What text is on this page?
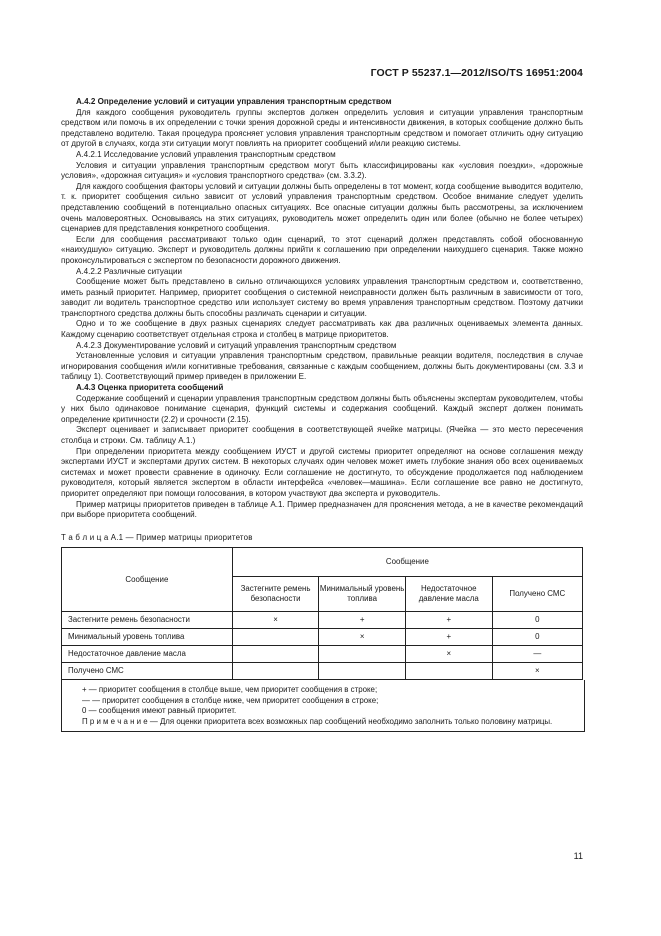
ГОСТ Р 55237.1—2012/ISO/TS 16951:2004

А.4.2 Определение условий и ситуации управления транспортным средством

Для каждого сообщения руководитель группы экспертов должен определить условия и ситуации управления транспортным средством или помочь в их определении с точки зрения дорожной среды и интенсивности движения, в которых сообщение должно быть представлено водителю. Такая процедура проясняет условия управления транспортным средством и помогает отличить одну ситуацию от другой в случаях, когда эти ситуации могут повлиять на приоритет сообщений и/или реакцию системы.

А.4.2.1 Исследование условий управления транспортным средством

Условия и ситуации управления транспортным средством могут быть классифицированы как «условия поездки», «дорожные условия», «дорожная ситуация» и «условия транспортного средства» (см. 3.3.2).

Для каждого сообщения факторы условий и ситуации должны быть определены в тот момент, когда сообщение выводится водителю, т. к. приоритет сообщения сильно зависит от условий управления транспортным средством. Особое внимание следует уделить представлению сообщений в потенциально опасных ситуациях. Все опасные ситуации должны быть рассмотрены, за исключением очень маловероятных. Основываясь на этих ситуациях, руководитель может определить один или более (обычно не более четырех) сценариев для представления конкретного сообщения.

Если для сообщения рассматривают только один сценарий, то этот сценарий должен представлять собой обоснованную «наихудшую» ситуацию. Эксперт и руководитель должны прийти к соглашению при определении наихудшего сценария. Также можно проконсультироваться с экспертом по безопасности дорожного движения.

А.4.2.2 Различные ситуации

Сообщение может быть представлено в сильно отличающихся условиях управления транспортным средством и, соответственно, иметь разный приоритет. Например, приоритет сообщения о системной неисправности должен быть различным в зависимости от того, заводит ли водитель транспортное средство или использует систему во время управления транспортным средством. Поэтому датчики транспортного средства должны быть способны различать сценарии и ситуации.

Одно и то же сообщение в двух разных сценариях следует рассматривать как два различных оцениваемых элемента данных. Каждому сценарию соответствует отдельная строка и столбец в матрице приоритетов.

А.4.2.3 Документирование условий и ситуаций управления транспортным средством

Установленные условия и ситуации управления транспортным средством, правильные реакции водителя, последствия в случае игнорирования сообщения и/или когнитивные требования, связанные с каждым сообщением, должны быть документированы (см. 3.3 и таблицу 1). Соответствующий пример приведен в приложении Е.

А.4.3 Оценка приоритета сообщений

Содержание сообщений и сценарии управления транспортным средством должны быть объяснены экспертам руководителем, чтобы у них было одинаковое понимание сценария, функций системы и содержания сообщений. Каждый эксперт должен понимать определение критичности (2.2) и срочности (2.15).

Эксперт оценивает и записывает приоритет сообщения в соответствующей ячейке матрицы. (Ячейка — это место пересечения столбца и строки. См. таблицу А.1.)

При определении приоритета между сообщением ИУСТ и другой системы приоритет определяют на основе соглашения между экспертами ИУСТ и экспертами других систем. В некоторых случаях один человек может иметь глубокие знания обо всех оцениваемых системах и может провести сравнение в одиночку. Если соглашение не достигнуто, то обсуждение продолжается под наблюдением руководителя, который является экспертом в области интерфейса «человек—машина». Если соглашение все равно не достигнуто, приоритет определяют при помощи голосования, в котором участвуют два эксперта и руководитель.

Пример матрицы приоритетов приведен в таблице А.1. Пример предназначен для прояснения метода, а не в качестве рекомендаций при выборе приоритета сообщений.

Т а б л и ц а А.1 — Пример матрицы приоритетов
Сообщение	Сообщение			
	Застегните ремень безопасности	Минимальный уровень топлива	Недостаточное давление масла	Получено СМС
Застегните ремень безопасности	×	+	+	0
Минимальный уровень топлива		×	+	0
Недостаточное давление масла			×	—
Получено СМС				×

+ — приоритет сообщения в столбце выше, чем приоритет сообщения в строке;

— — приоритет сообщения в столбце ниже, чем приоритет сообщения в строке;

0 — сообщения имеют равный приоритет.

П р и м е ч а н и е — Для оценки приоритета всех возможных пар сообщений необходимо заполнить только половину матрицы.

11
